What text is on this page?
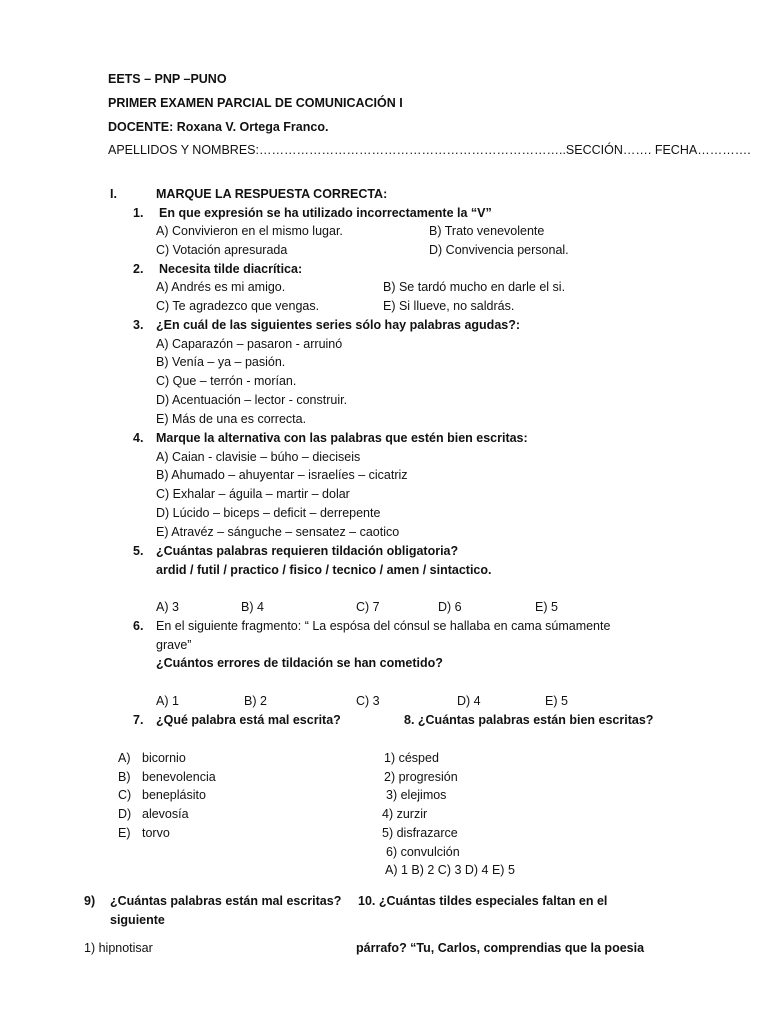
EETS – PNP –PUNO
PRIMER EXAMEN PARCIAL DE COMUNICACIÓN I
DOCENTE: Roxana V. Ortega Franco.
APELLIDOS Y NOMBRES:………………………………………………………………..SECCIÓN……. FECHA………….
I.	MARQUE LA RESPUESTA CORRECTA:
1. En que expresión se ha utilizado incorrectamente la “V”
A) Convivieron en el mismo lugar.	B) Trato venevolente
C) Votación apresurada	D) Convivencia personal.
2. Necesita tilde diacrítica:
A) Andrés es mi amigo.	B) Se tardó mucho en darle el si.
C) Te agradezco que vengas.	E) Si llueve, no saldrás.
3. ¿En cuál de las siguientes series sólo hay palabras agudas?:
A) Caparazón – pasaron - arruinó
B) Venía – ya – pasión.
C) Que – terrón - morían.
D) Acentuación – lector - construir.
E) Más de una es correcta.
4. Marque la alternativa con las palabras que estén bien escritas:
A) Caian - clavisie – búho – dieciseis
B) Ahumado – ahuyentar – israelíes – cicatriz
C) Exhalar – águila – martir – dolar
D) Lúcido – biceps – deficit – derrepente
E) Atravéz – sánguche – sensatez – caotico
5. ¿Cuántas palabras requieren tildación obligatoria?
ardid / futil / practico / fisico / tecnico / amen / sintactico.
A) 3	B) 4	C) 7	D) 6	E) 5
6. En el siguiente fragmento: “ La espósa del cónsul se hallaba en cama súmamente
grave”
¿Cuántos errores de tildación se han cometido?
A) 1	B) 2	C) 3	D) 4	E) 5
7. ¿Qué palabra está mal escrita?	8. ¿Cuántas palabras están bien escritas?
A) bicornio
B) benevolencia
C) beneplásito
D) alevosía
E) torvo
1) césped
2) progresión
3) elejimos
4) zurzir
5) disfrazarce
6) convulción
A) 1 B) 2 C) 3 D) 4 E) 5
9) ¿Cuántas palabras están mal escritas? 10. ¿Cuántas tildes especiales faltan en el
siguiente
1) hipnotisar	párrafo? “Tu, Carlos, comprendias que la poesia
